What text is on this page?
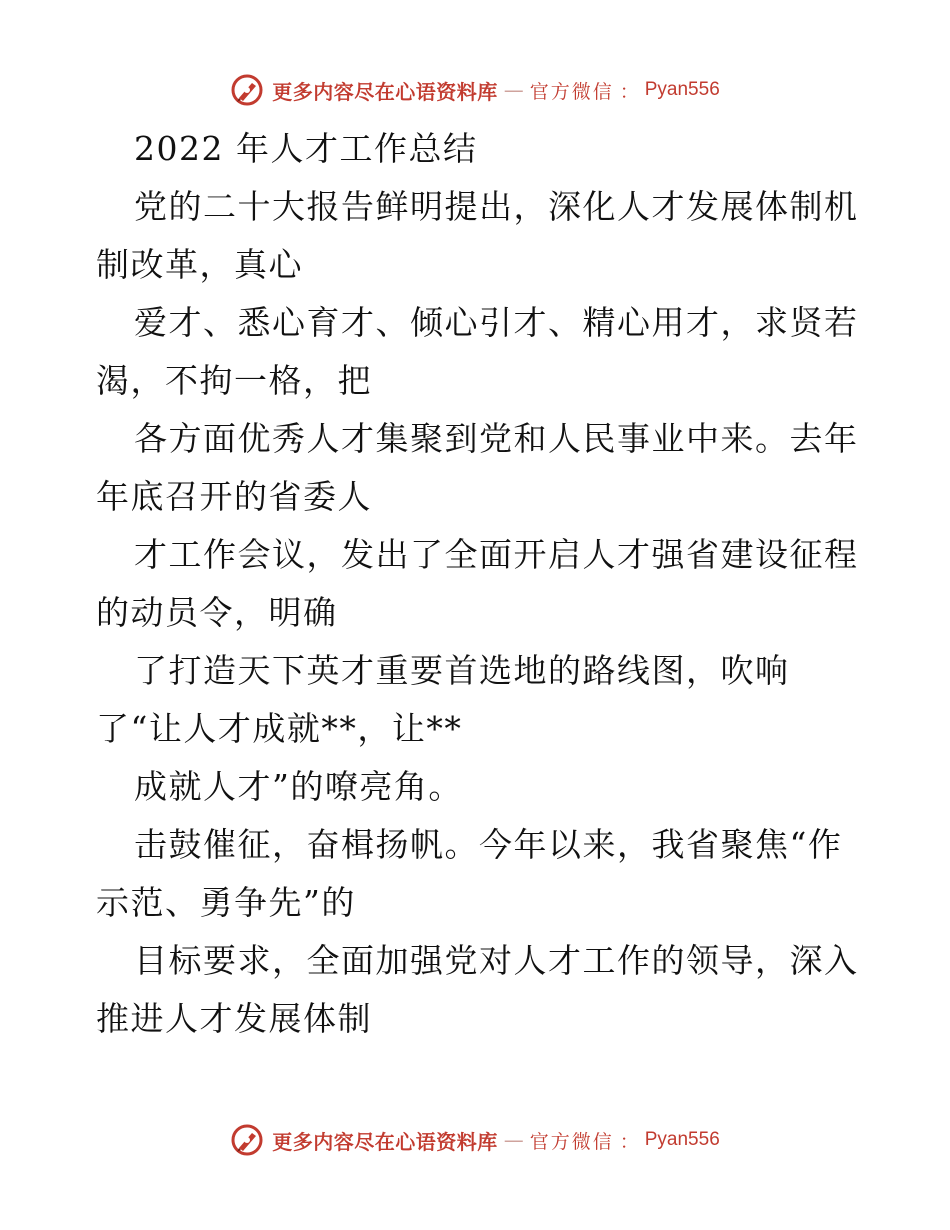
更多内容尽在心语资料库 — 官方微信 ： Pyan556
2022 年人才工作总结
党的二十大报告鲜明提出，深化人才发展体制机
制改革，真心
爱才、悉心育才、倾心引才、精心用才，求贤若
渴，不拘一格，把
各方面优秀人才集聚到党和人民事业中来。去年
年底召开的省委人
才工作会议，发出了全面开启人才强省建设征程
的动员令，明确
了打造天下英才重要首选地的路线图，吹响
了“让人才成就**，让**
成就人才”的嘹亮角。
击鼓催征，奋楫扬帆。今年以来，我省聚焦“作
示范、勇争先”的
目标要求，全面加强党对人才工作的领导，深入
推进人才发展体制
更多内容尽在心语资料库 — 官方微信 ： Pyan556
